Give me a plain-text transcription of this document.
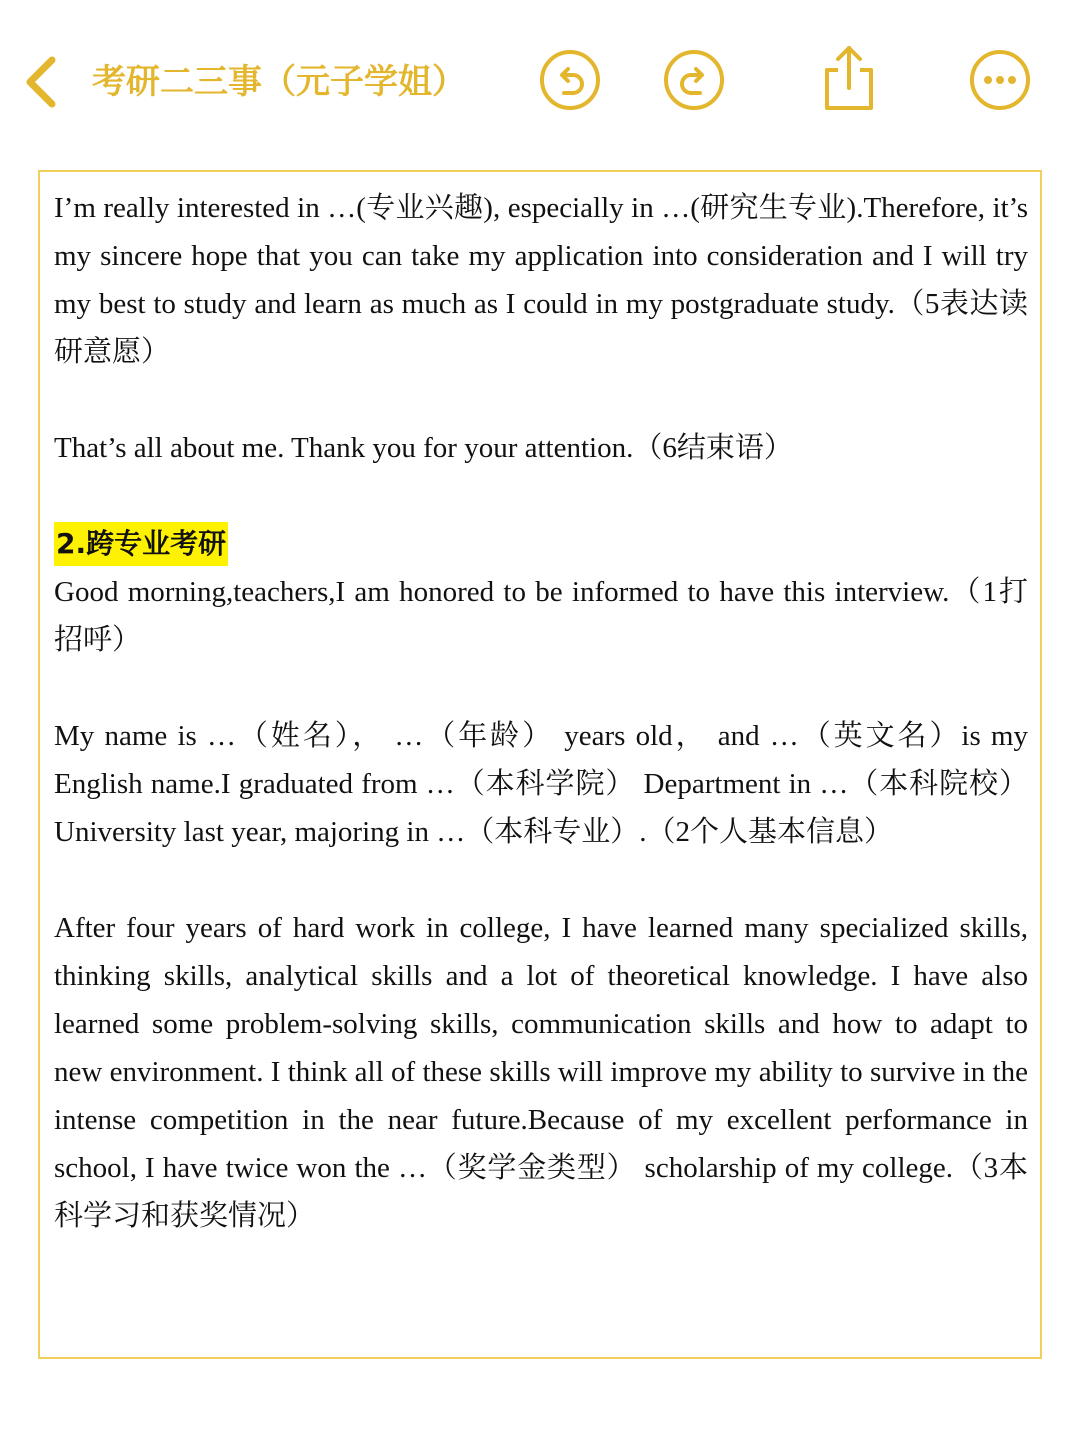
考研二三事（元子学姐）

I’m really interested in …(专业兴趣), especially in …(研究生专业).Therefore, it’s my sincere hope that you can take my application into consideration and I will try my best to study and learn as much as I could in my postgraduate study.（5表达读研意愿）

That’s all about me. Thank you for your attention.（6结束语）

2.跨专业考研

Good morning,teachers,I am honored to be informed to have this interview.（1打招呼）

My name is …（姓名）， …（年龄） years old， and …（英文名）is my English name.I graduated from …（本科学院） Department in …（本科院校） University last year, majoring in …（本科专业）.（2个人基本信息）

After four years of hard work in college, I have learned many specialized skills, thinking skills, analytical skills and a lot of theoretical knowledge. I have also learned some problem-solving skills, communication skills and how to adapt to new environment. I think all of these skills will improve my ability to survive in the intense competition in the near future.Because of my excellent performance in school, I have twice won the …（奖学金类型） scholarship of my college.（3本科学习和获奖情况）
